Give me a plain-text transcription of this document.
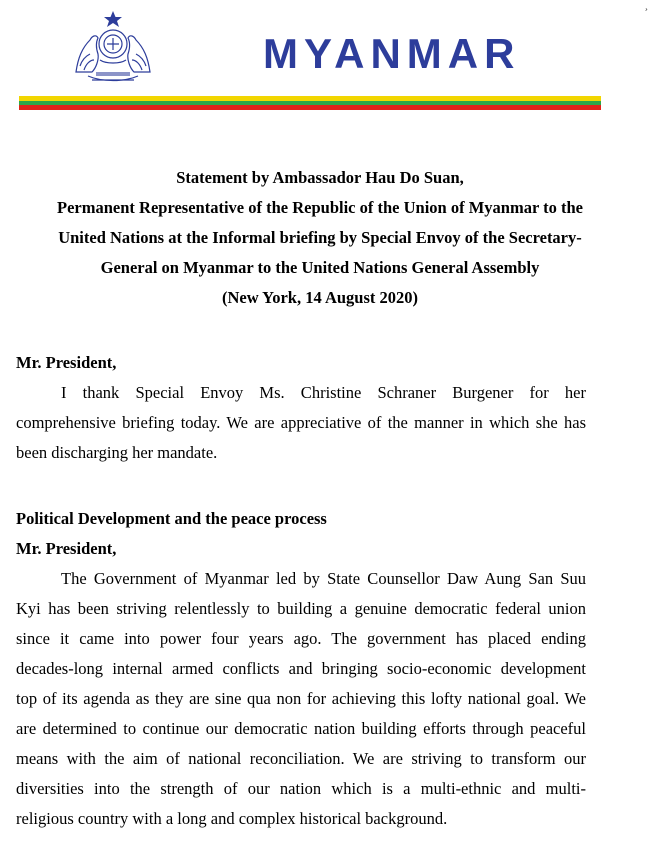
¸
MYANMAR
Statement by Ambassador Hau Do Suan,
Permanent Representative of the Republic of the Union of Myanmar to the
United Nations at the Informal briefing by Special Envoy of the Secretary-
General on Myanmar to the United Nations General Assembly
(New York, 14 August 2020)
Mr. President,
I thank Special Envoy Ms. Christine Schraner Burgener for her
comprehensive briefing today. We are appreciative of the manner in which she has
been discharging her mandate.
Political Development and the peace process
Mr. President,
The Government of Myanmar led by State Counsellor Daw Aung San Suu
Kyi has been striving relentlessly to building a genuine democratic federal union
since it came into power four years ago. The government has placed ending
decades-long internal armed conflicts and bringing socio-economic development
top of its agenda as they are sine qua non for achieving this lofty national goal. We
are determined to continue our democratic nation building efforts through peaceful
means with the aim of national reconciliation. We are striving to transform our
diversities into the strength of our nation which is a multi-ethnic and multi-
religious country with a long and complex historical background.
